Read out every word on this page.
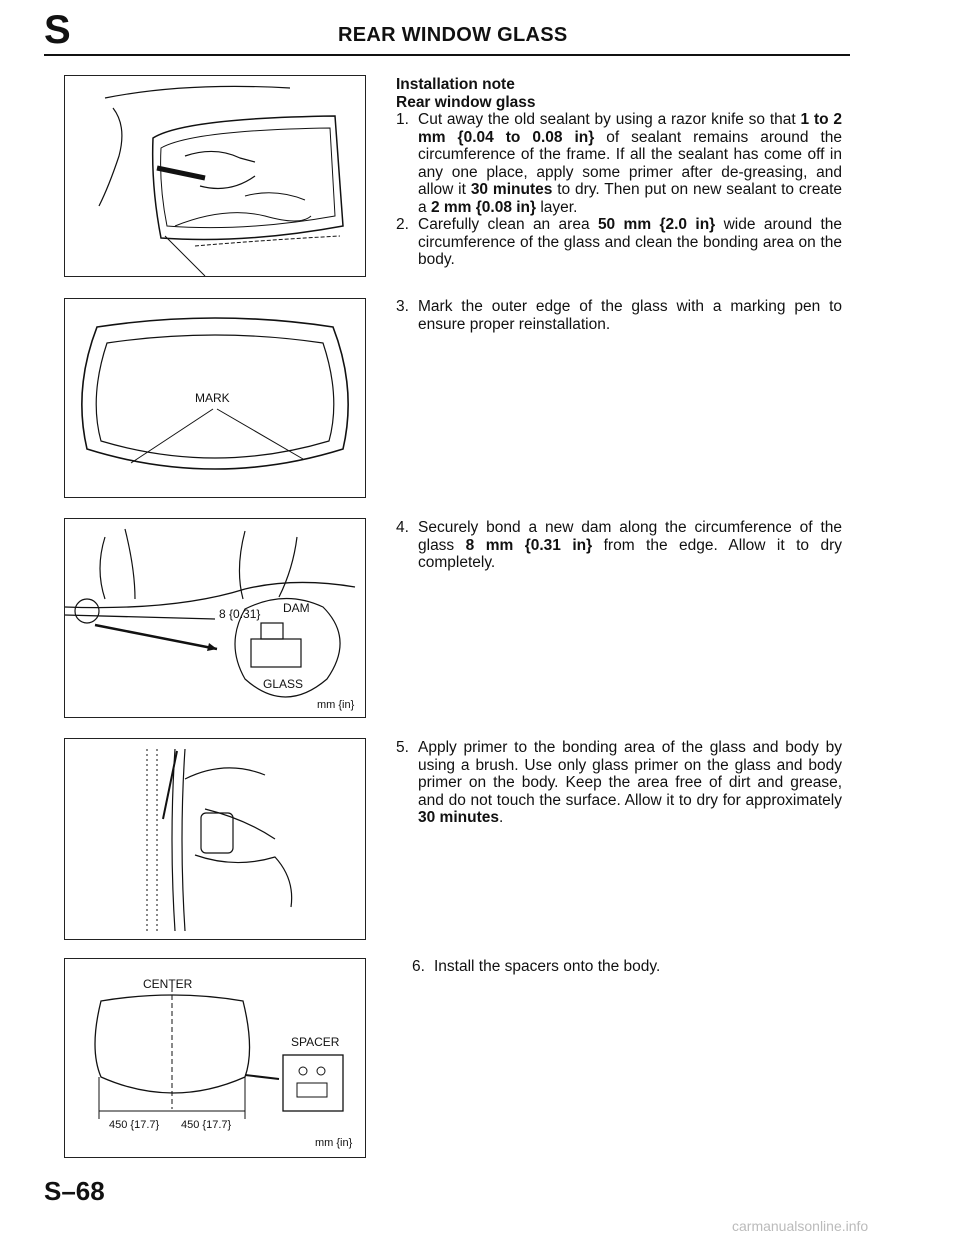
S	REAR WINDOW GLASS
MARK
8 {0.31} DAM
GLASS
mm {in}
CENTER
SPACER
450 {17.7} 450 {17.7}
mm {in}
Installation note
Rear window glass
1. Cut away the old sealant by using a razor knife so that 1 to 2 mm {0.04 to 0.08 in} of sealant remains around the circumference of the frame. If all the sealant has come off in any one place, apply some primer after de-greasing, and allow it 30 minutes to dry. Then put on new sealant to create a 2 mm {0.08 in} layer.
2. Carefully clean an area 50 mm {2.0 in} wide around the circumference of the glass and clean the bonding area on the body.
3. Mark the outer edge of the glass with a marking pen to ensure proper reinstallation.
4. Securely bond a new dam along the circumference of the glass 8 mm {0.31 in} from the edge. Allow it to dry completely.
5. Apply primer to the bonding area of the glass and body by using a brush. Use only glass primer on the glass and body primer on the body. Keep the area free of dirt and grease, and do not touch the surface. Allow it to dry for approximately 30 minutes.
6. Install the spacers onto the body.
S–68
carmanualsonline.info
